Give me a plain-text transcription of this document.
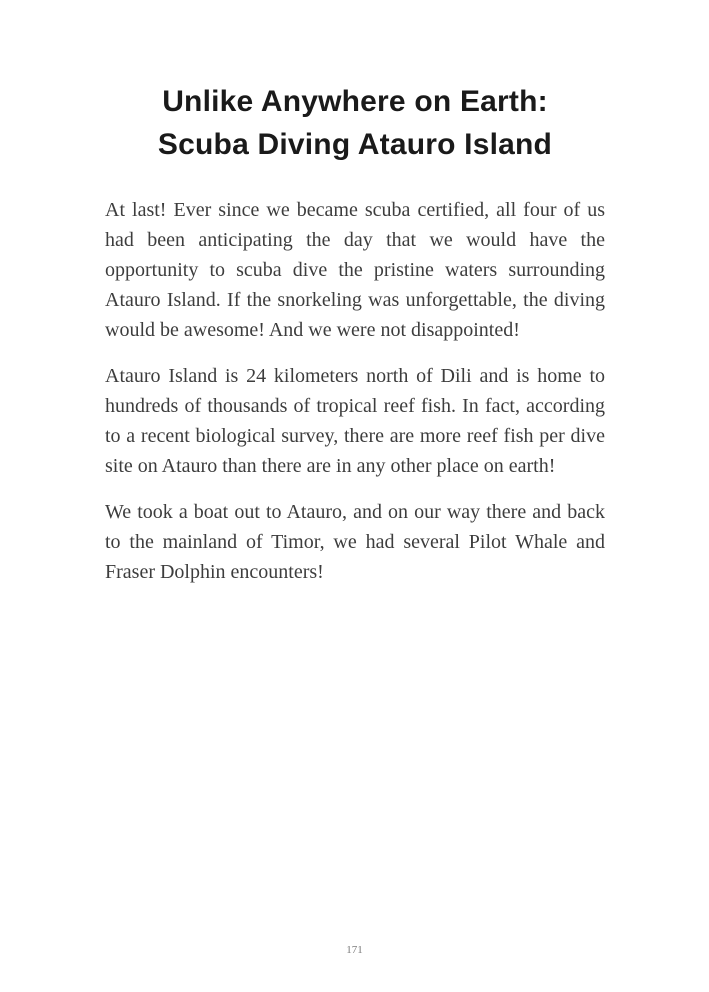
Unlike Anywhere on Earth:
Scuba Diving Atauro Island

At last! Ever since we became scuba certified, all four of us had been anticipating the day that we would have the opportunity to scuba dive the pristine waters surrounding Atauro Island. If the snorkeling was unforgettable, the diving would be awesome! And we were not disappointed!

Atauro Island is 24 kilometers north of Dili and is home to hundreds of thousands of tropical reef fish. In fact, according to a recent biological survey, there are more reef fish per dive site on Atauro than there are in any other place on earth!

We took a boat out to Atauro, and on our way there and back to the mainland of Timor, we had several Pilot Whale and Fraser Dolphin encounters!

171
